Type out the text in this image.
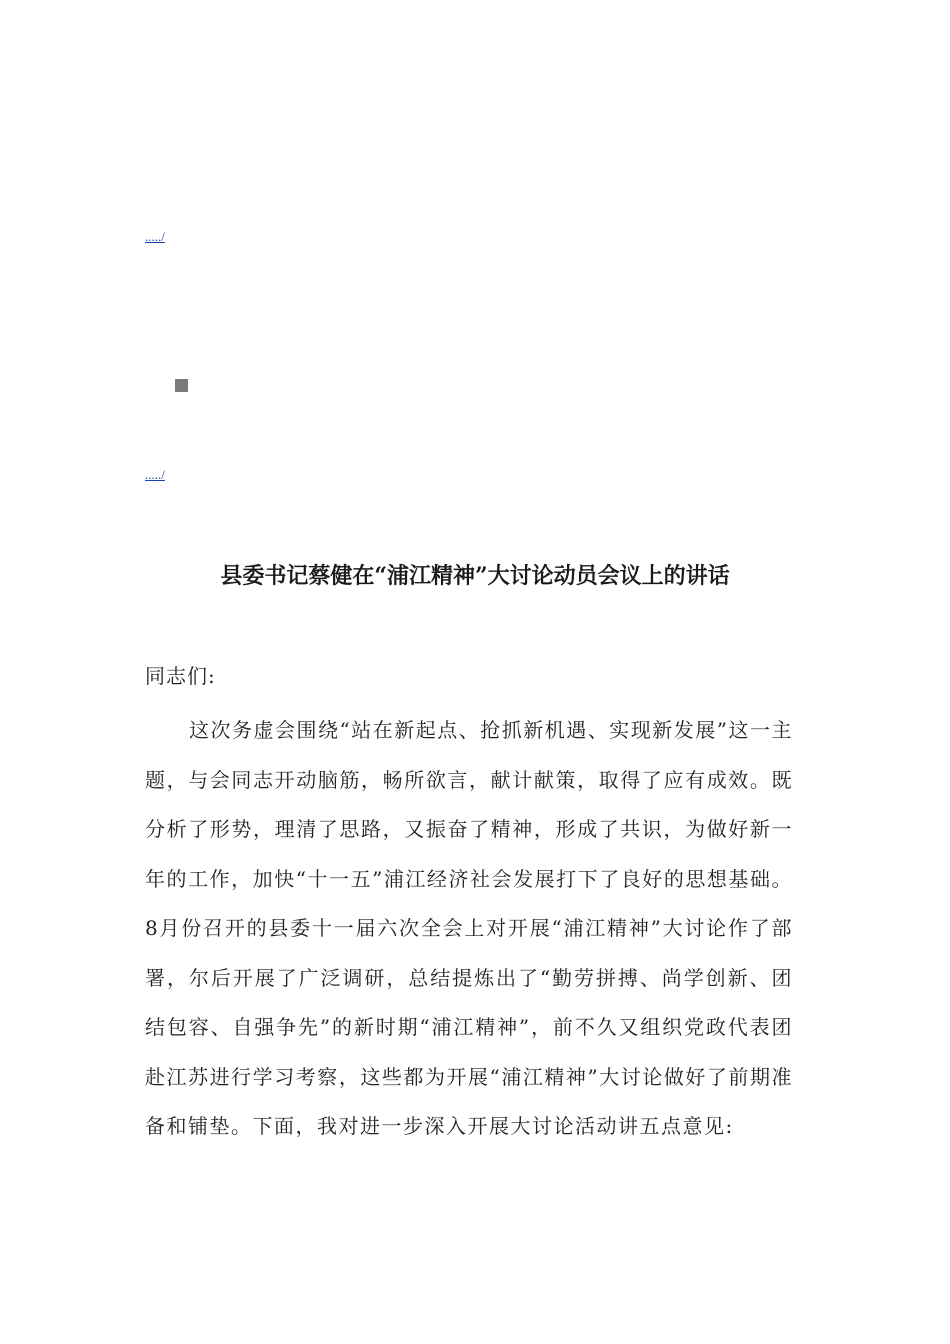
...../
...../
县委书记蔡健在“浦江精神”大讨论动员会议上的讲话
同志们:

这次务虚会围绕“站在新起点、抢抓新机遇、实现新发展”这一主题，与会同志开动脑筋，畅所欲言，献计献策，取得了应有成效。既分析了形势，理清了思路，又振奋了精神，形成了共识，为做好新一年的工作，加快“十一五”浦江经济社会发展打下了良好的思想基础。8月份召开的县委十一届六次全会上对开展“浦江精神”大讨论作了部署，尔后开展了广泛调研，总结提炼出了“勤劳拼搏、尚学创新、团结包容、自强争先”的新时期“浦江精神”，前不久又组织党政代表团赴江苏进行学习考察，这些都为开展“浦江精神”大讨论做好了前期准备和铺垫。下面，我对进一步深入开展大讨论活动讲五点意见:
